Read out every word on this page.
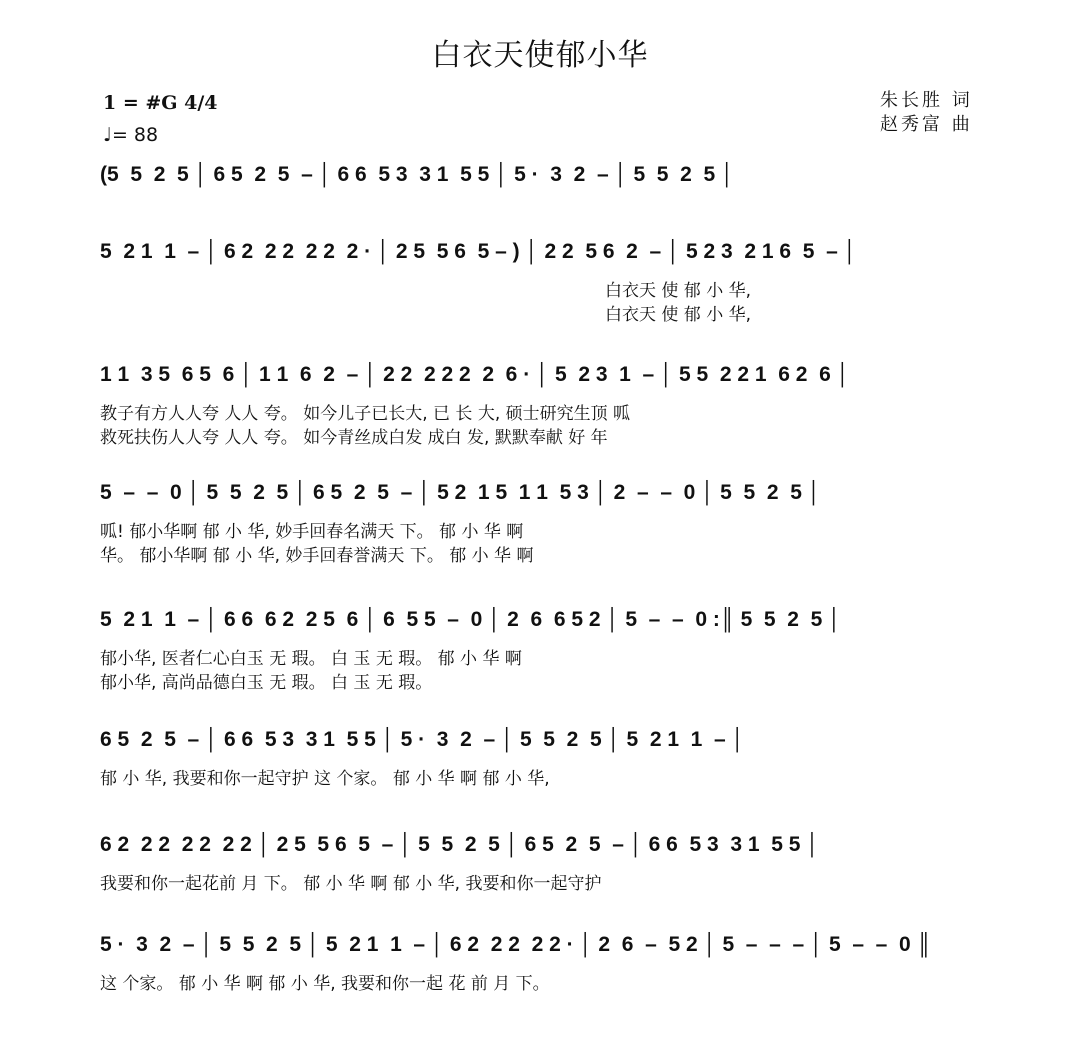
白衣天使郁小华
朱长胜 词
赵秀富 曲
1 = #G 4/4
♩= 88
(5  5  2  5 │ 6 5  2  5  – │ 6 6  5 3  3 1  5 5 │ 5 ·  3  2  – │ 5  5  2  5 │
5  2 1  1  – │ 6 2  2 2  2 2  2 · │ 2 5  5 6  5 – ) │ 2 2  5 6  2  – │ 5 2 3  2 1 6  5  – │
白衣天 使 郁 小 华,
白衣天 使 郁 小 华,
1 1  3 5  6 5  6 │ 1 1  6  2  – │ 2 2  2 2 2  2  6 · │ 5  2 3  1  – │ 5 5  2 2 1  6 2  6 │
教子有方人人夸 人人 夸。 如今儿子已长大, 已 长 大, 硕士研究生顶 呱
救死扶伤人人夸 人人 夸。 如今青丝成白发 成白 发, 默默奉献 好 年
5  –  –  0 │ 5  5  2  5 │ 6 5  2  5  – │ 5 2  1 5  1 1  5 3 │ 2  –  –  0 │ 5  5  2  5 │
呱! 郁小华啊 郁 小 华, 妙手回春名满天 下。 郁 小 华 啊
华。 郁小华啊 郁 小 华, 妙手回春誉满天 下。 郁 小 华 啊
5  2 1  1  – │ 6 6  6 2  2 5  6 │ 6  5 5  –  0 │ 2  6  6 5 2 │ 5  –  –  0 :║ 5  5  2  5 │
郁小华, 医者仁心白玉 无 瑕。 白 玉 无 瑕。 郁 小 华 啊
郁小华, 高尚品德白玉 无 瑕。 白 玉 无 瑕。
6 5  2  5  – │ 6 6  5 3  3 1  5 5 │ 5 ·  3  2  – │ 5  5  2  5 │ 5  2 1  1  – │
郁 小 华, 我要和你一起守护 这 个家。 郁 小 华 啊 郁 小 华,
6 2  2 2  2 2  2 2 │ 2 5  5 6  5  – │ 5  5  2  5 │ 6 5  2  5  – │ 6 6  5 3  3 1  5 5 │
我要和你一起花前 月 下。 郁 小 华 啊 郁 小 华, 我要和你一起守护
5 ·  3  2  – │ 5  5  2  5 │ 5  2 1  1  – │ 6 2  2 2  2 2 · │ 2  6  –  5 2 │ 5  –  –  – │ 5  –  –  0 ║
这 个家。 郁 小 华 啊 郁 小 华, 我要和你一起 花 前 月 下。
